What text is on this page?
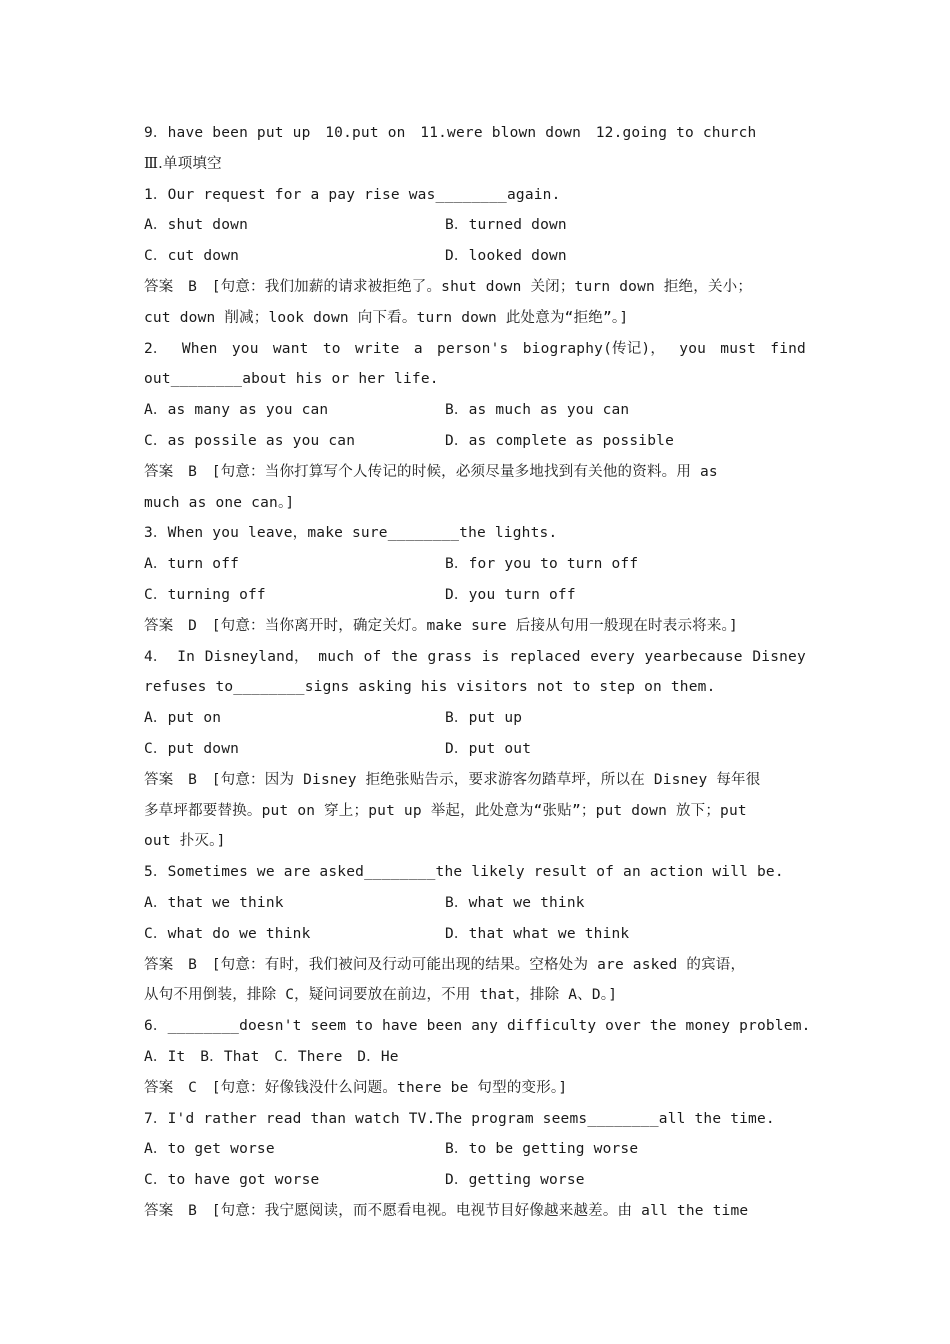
9．have been put up　10.put on　11.were blown down　12.going to church
Ⅲ.单项填空
1．Our request for a pay rise was________again.
A．shut down	B．turned down
C．cut down	D．looked down
答案　B　[句意：我们加薪的请求被拒绝了。shut down 关闭；turn down 拒绝，关小；
cut down 削减；look down 向下看。turn down 此处意为“拒绝”。]
2． When you want to write a person's biography(传记)， you must find
out________about his or her life.
A．as many as you can	B．as much as you can
C．as possile as you can	D．as complete as possible
答案　B　[句意：当你打算写个人传记的时候，必须尽量多地找到有关他的资料。用 as
much as one can。]
3．When you leave，make sure________the lights.
A．turn off	B．for you to turn off
C．turning off	D．you turn off
答案　D　[句意：当你离开时，确定关灯。make sure 后接从句用一般现在时表示将来。]
4． In Disneyland， much of the grass is replaced every yearbecause Disney
refuses to________signs asking his visitors not to step on them.
A．put on	B．put up
C．put down	D．put out
答案　B　[句意：因为 Disney 拒绝张贴告示，要求游客勿踏草坪，所以在 Disney 每年很
多草坪都要替换。put on 穿上；put up 举起，此处意为“张贴”；put down 放下；put
out 扑灭。]
5．Sometimes we are asked________the likely result of an action will be.
A．that we think	B．what we think
C．what do we think	D．that what we think
答案　B　[句意：有时，我们被问及行动可能出现的结果。空格处为 are asked 的宾语，
从句不用倒装，排除 C，疑问词要放在前边，不用 that，排除 A、D。]
6．________doesn't seem to have been any difficulty over the money problem.
A．It　B．That　C．There　D．He
答案　C　[句意：好像钱没什么问题。there be 句型的变形。]
7．I'd rather read than watch TV.The program seems________all the time.
A．to get worse	B．to be getting worse
C．to have got worse	D．getting worse
答案　B　[句意：我宁愿阅读，而不愿看电视。电视节目好像越来越差。由 all the time
